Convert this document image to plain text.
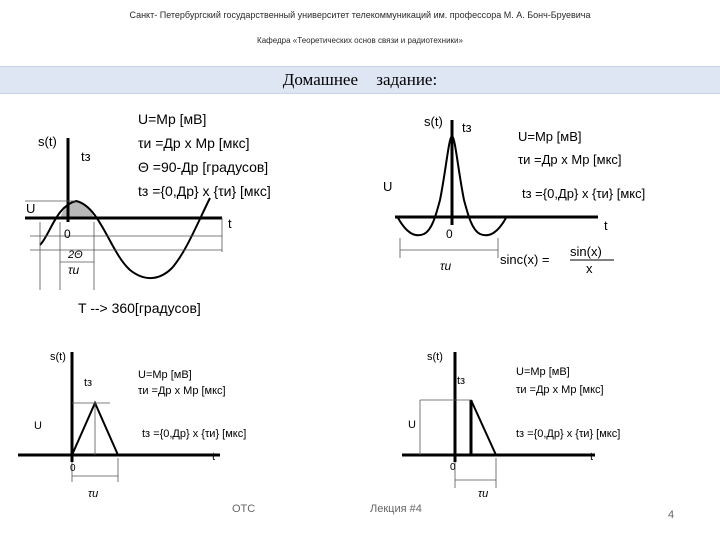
Санкт- Петербургский государственный университет телекоммуникаций им. профессора М. А. Бонч-Бруевича
Кафедра «Теоретических основ связи и радиотехники»
Домашнее задание:
s(t)
tз
U
t
0
2Θ
τи
U=Мр [мВ]
τи =Др x Мр [мкс]
Θ =90-Др [градусов]
tз ={0,Др} x {τи} [мкс]
T --> 360[градусов]
s(t) tз
U
t
0
τи
U=Мр [мВ]
τи =Др x Мр [мкс]
tз ={0,Др} x {τи} [мкс]
sinc(x) =
sin(x)
x
s(t)
tз
U
t
0
τи
U=Мр [мВ]
τи =Др x Мр [мкс]
tз ={0,Др} x {τи} [мкс]
s(t)
tз
U
t
0
τи
U=Мр [мВ]
τи =Др x Мр [мкс]
tз ={0,Др} x {τи} [мкс]
ОТС	Лекция #4	4
